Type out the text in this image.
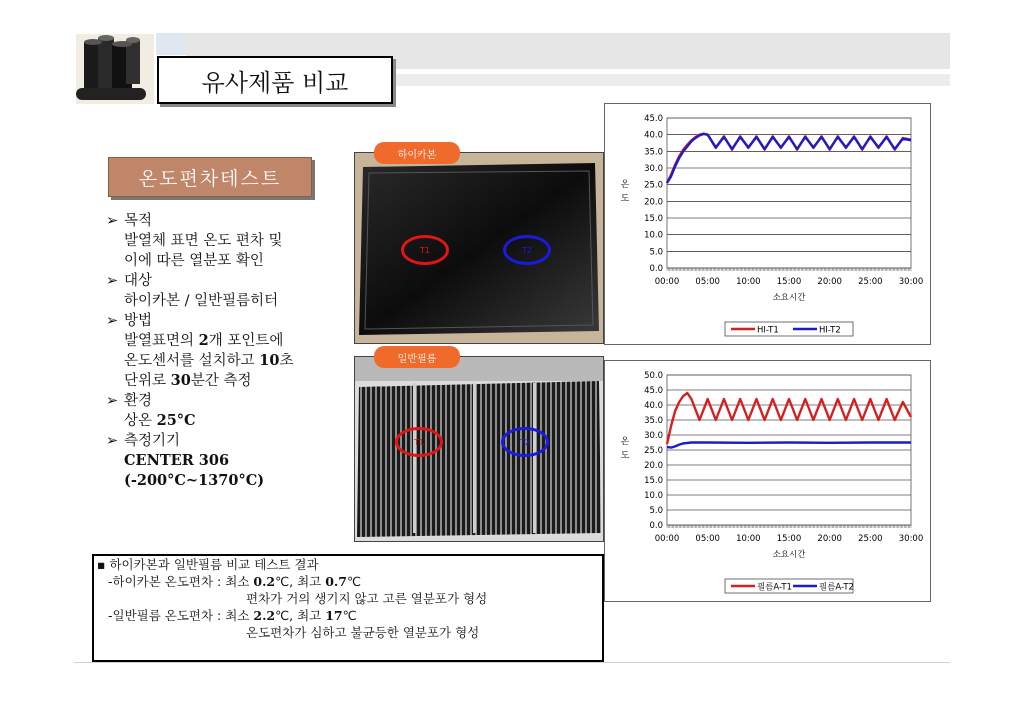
유사제품 비교
온도편차테스트
➢ 목적
발열체 표면 온도 편차 및
이에 따른 열분포 확인
➢ 대상
하이카본 / 일반필름히터
➢ 방법
발열표면의 2개 포인트에
온도센서를 설치하고 10초
단위로 30분간 측정
➢ 환경
상온 25°C
➢ 측정기기
CENTER 306
(-200°C~1370°C)
T1	T2
하이카본
T1	T2
일반필름
0.0
5.0
10.0
15.0
20.0
25.0
30.0
35.0
40.0
45.0
00:00 05:00 10:00 15:00 20:00 25:00 30:00
온
도
소요시간
HI-T1	HI-T2
0.0
5.0
10.0
15.0
20.0
25.0
30.0
35.0
40.0
45.0
50.0
00:00 05:00 10:00 15:00 20:00 25:00 30:00
온
도
소요시간
필름A-T1	필름A-T2
▪ 하이카본과 일반필름 비교 테스트 결과
-하이카본 온도편차 : 최소 0.2℃, 최고 0.7℃
편차가 거의 생기지 않고 고른 열분포가 형성
-일반필름 온도편차 : 최소 2.2℃, 최고 17℃
온도편차가 심하고 불균등한 열분포가 형성
